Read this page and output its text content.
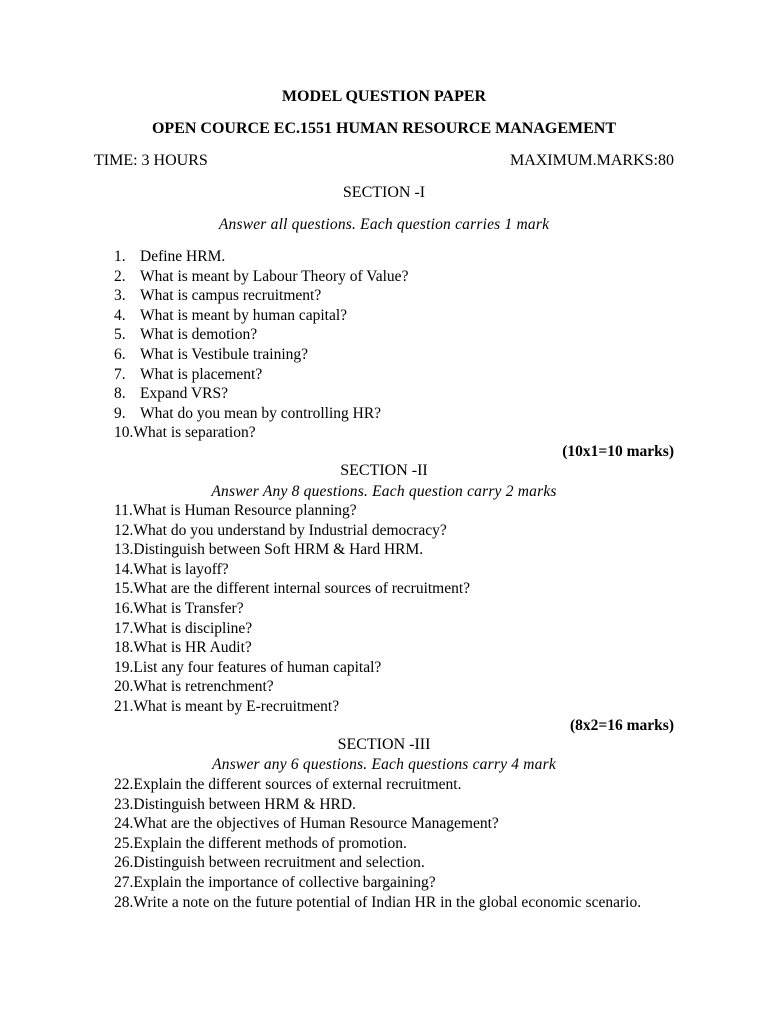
MODEL QUESTION PAPER
OPEN COURCE EC.1551 HUMAN RESOURCE MANAGEMENT
TIME: 3 HOURS	MAXIMUM.MARKS:80
SECTION -I
Answer all questions. Each question carries 1 mark
1. Define HRM.
2. What is meant by Labour Theory of Value?
3. What is campus recruitment?
4. What is meant by human capital?
5. What is demotion?
6. What is Vestibule training?
7. What is placement?
8. Expand VRS?
9. What do you mean by controlling HR?
10.What is separation?
(10x1=10 marks)
SECTION -II
Answer Any 8 questions. Each question carry 2 marks
11.What is Human Resource planning?
12.What do you understand by Industrial democracy?
13.Distinguish between Soft HRM & Hard HRM.
14.What is layoff?
15.What are the different internal sources of recruitment?
16.What is Transfer?
17.What is discipline?
18.What is HR Audit?
19.List any four features of human capital?
20.What is retrenchment?
21.What is meant by E-recruitment?
(8x2=16 marks)
SECTION -III
Answer any 6 questions. Each questions carry 4 mark
22.Explain the different sources of external recruitment.
23.Distinguish between HRM & HRD.
24.What are the objectives of Human Resource Management?
25.Explain the different methods of promotion.
26.Distinguish between recruitment and selection.
27.Explain the importance of collective bargaining?
28. Write a note on the future potential of Indian HR in the global economic scenario.
